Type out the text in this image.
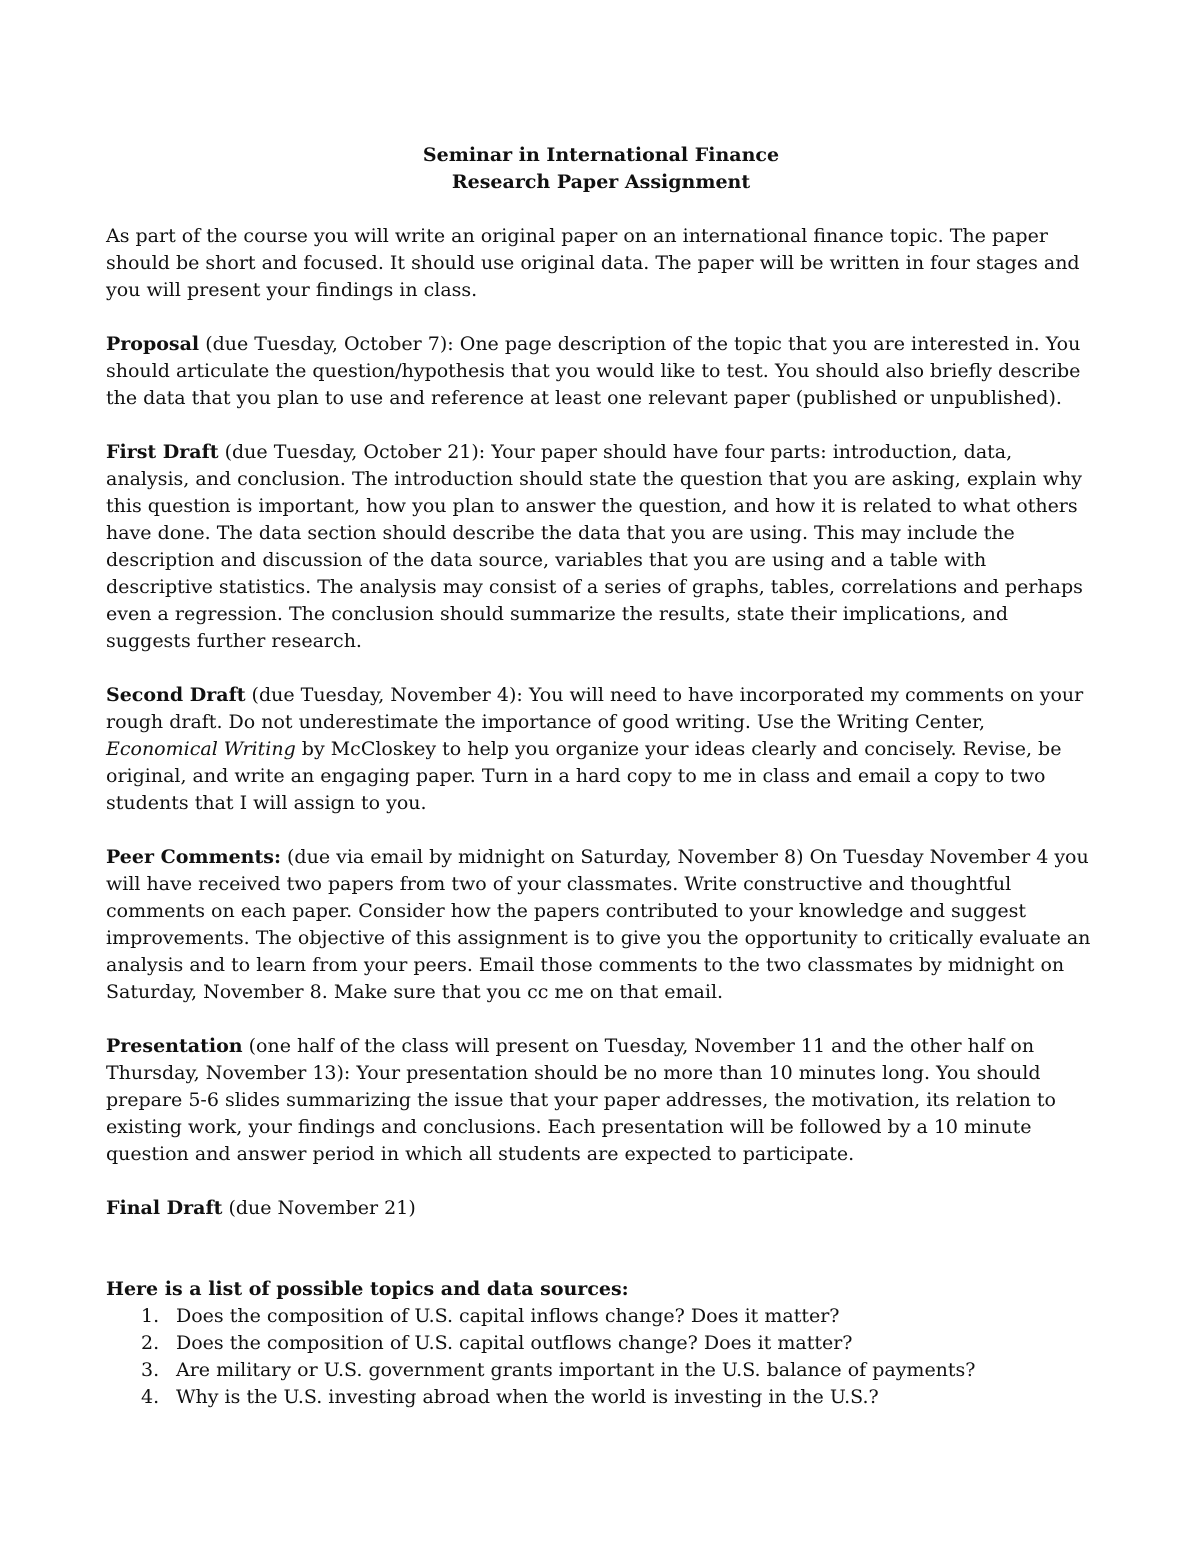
Seminar in International Finance
Research Paper Assignment

As part of the course you will write an original paper on an international finance topic. The paper should be short and focused. It should use original data. The paper will be written in four stages and you will present your findings in class.

Proposal (due Tuesday, October 7): One page description of the topic that you are interested in. You should articulate the question/hypothesis that you would like to test. You should also briefly describe the data that you plan to use and reference at least one relevant paper (published or unpublished).

First Draft (due Tuesday, October 21): Your paper should have four parts: introduction, data, analysis, and conclusion. The introduction should state the question that you are asking, explain why this question is important, how you plan to answer the question, and how it is related to what others have done. The data section should describe the data that you are using. This may include the description and discussion of the data source, variables that you are using and a table with descriptive statistics. The analysis may consist of a series of graphs, tables, correlations and perhaps even a regression. The conclusion should summarize the results, state their implications, and suggests further research.

Second Draft (due Tuesday, November 4): You will need to have incorporated my comments on your rough draft. Do not underestimate the importance of good writing. Use the Writing Center, Economical Writing by McCloskey to help you organize your ideas clearly and concisely. Revise, be original, and write an engaging paper. Turn in a hard copy to me in class and email a copy to two students that I will assign to you.

Peer Comments: (due via email by midnight on Saturday, November 8) On Tuesday November 4 you will have received two papers from two of your classmates. Write constructive and thoughtful comments on each paper. Consider how the papers contributed to your knowledge and suggest improvements. The objective of this assignment is to give you the opportunity to critically evaluate an analysis and to learn from your peers. Email those comments to the two classmates by midnight on Saturday, November 8. Make sure that you cc me on that email.

Presentation (one half of the class will present on Tuesday, November 11 and the other half on Thursday, November 13): Your presentation should be no more than 10 minutes long. You should prepare 5-6 slides summarizing the issue that your paper addresses, the motivation, its relation to existing work, your findings and conclusions. Each presentation will be followed by a 10 minute question and answer period in which all students are expected to participate.

Final Draft (due November 21)

Here is a list of possible topics and data sources:
1. Does the composition of U.S. capital inflows change? Does it matter?
2. Does the composition of U.S. capital outflows change? Does it matter?
3. Are military or U.S. government grants important in the U.S. balance of payments?
4. Why is the U.S. investing abroad when the world is investing in the U.S.?
